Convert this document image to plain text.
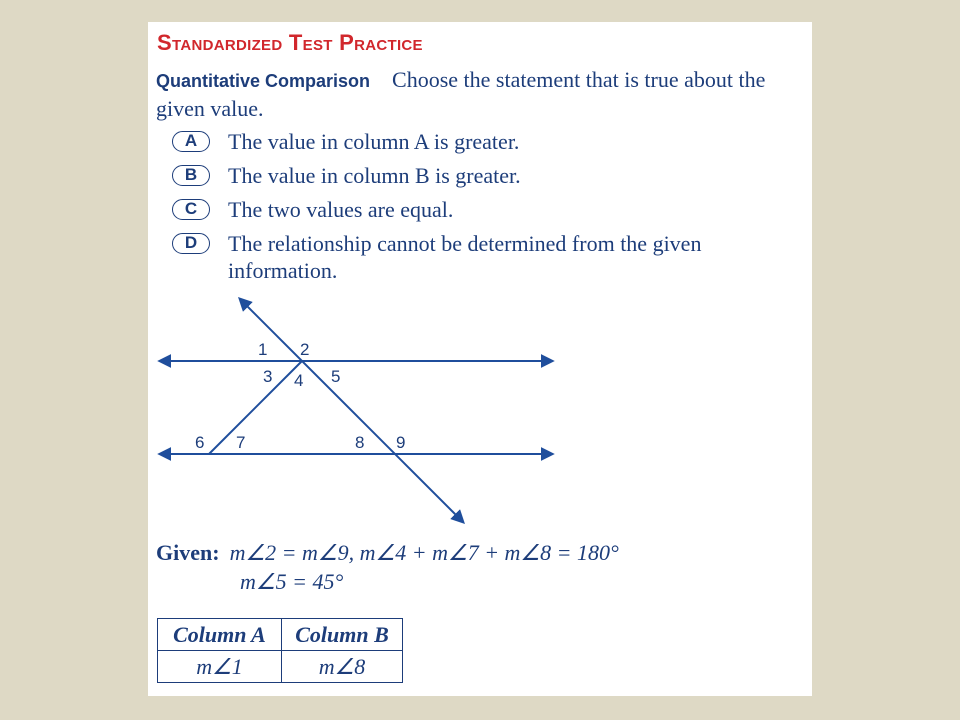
Standardized Test Practice
Quantitative Comparison Choose the statement that is true about the given value.
A	The value in column A is greater.
B	The value in column B is greater.
C	The two values are equal.
D	The relationship cannot be determined from the given information.
1 2
3 4 5
6 7	8 9
Given: m∠2 = m∠9, m∠4 + m∠7 + m∠8 = 180°
m∠5 = 45°
Column A	Column B
m∠1	m∠8
